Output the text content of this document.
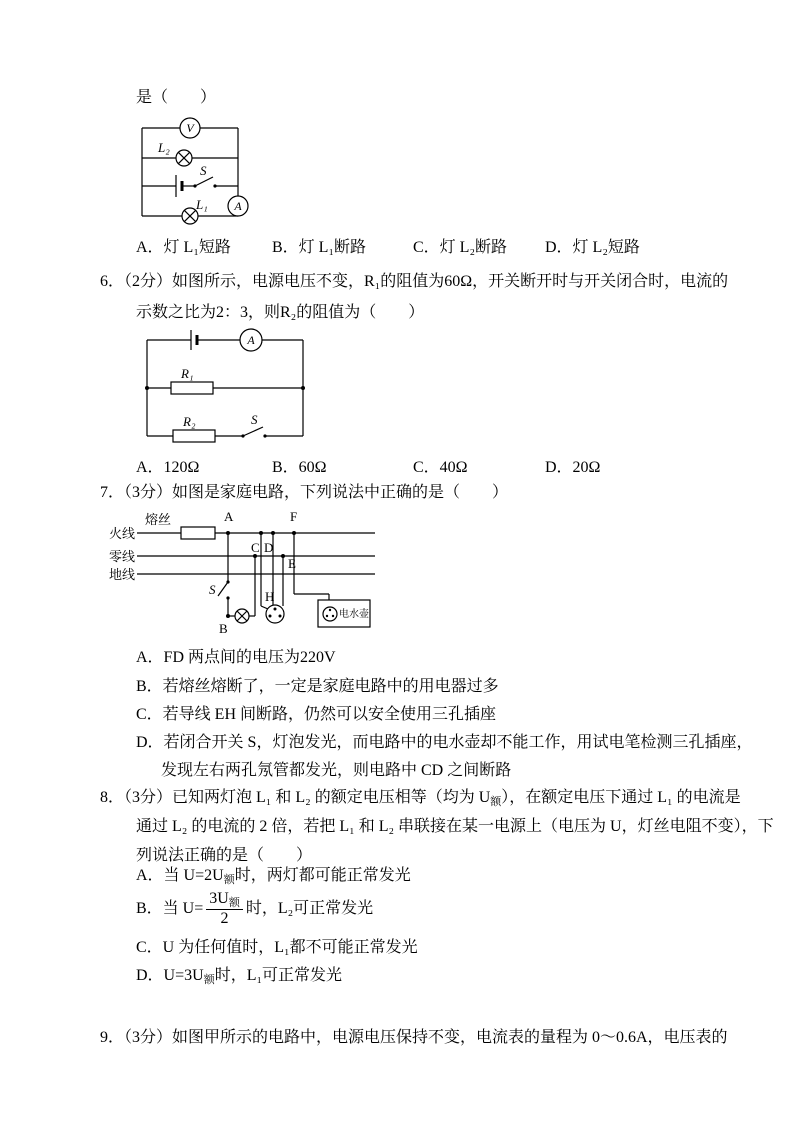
是（　　）
V
A
L₂
L₁
S
A．灯 L₁短路	B．灯 L₁断路	C．灯 L₂断路 D．灯 L₂短路
6．（2分）如图所示，电源电压不变，R₁的阻值为60Ω，开关断开时与开关闭合时，电流的
示数之比为2：3，则R₂的阻值为（　　）
A
R₁
R₂	S
A．120Ω	B．60Ω	C．40Ω	D．20Ω
7．（3分）如图是家庭电路，下列说法中正确的是（　　）
火线
零线
地线
熔丝
S
B
C D
E
H
A	F
电水壶
A．FD 两点间的电压为220V
B．若熔丝熔断了，一定是家庭电路中的用电器过多
C．若导线 EH 间断路，仍然可以安全使用三孔插座
D．若闭合开关 S，灯泡发光，而电路中的电水壶却不能工作，用试电笔检测三孔插座，
发现左右两孔氖管都发光，则电路中 CD 之间断路
8．（3分）已知两灯泡 L₁ 和 L₂ 的额定电压相等（均为 U额），在额定电压下通过 L₁ 的电流是
通过 L₂ 的电流的 2 倍，若把 L₁ 和 L₂ 串联接在某一电源上（电压为 U，灯丝电阻不变），下
列说法正确的是（　　）
A．当 U=2U额时，两灯都可能正常发光
B．当 $U= \frac{\text{3U额}}{2}$ 时，L₂可正常发光
C．U 为任何值时，L₁都不可能正常发光
D．U=3U额时，L₁可正常发光
9．（3分）如图甲所示的电路中，电源电压保持不变，电流表的量程为 0～0.6A，电压表的
